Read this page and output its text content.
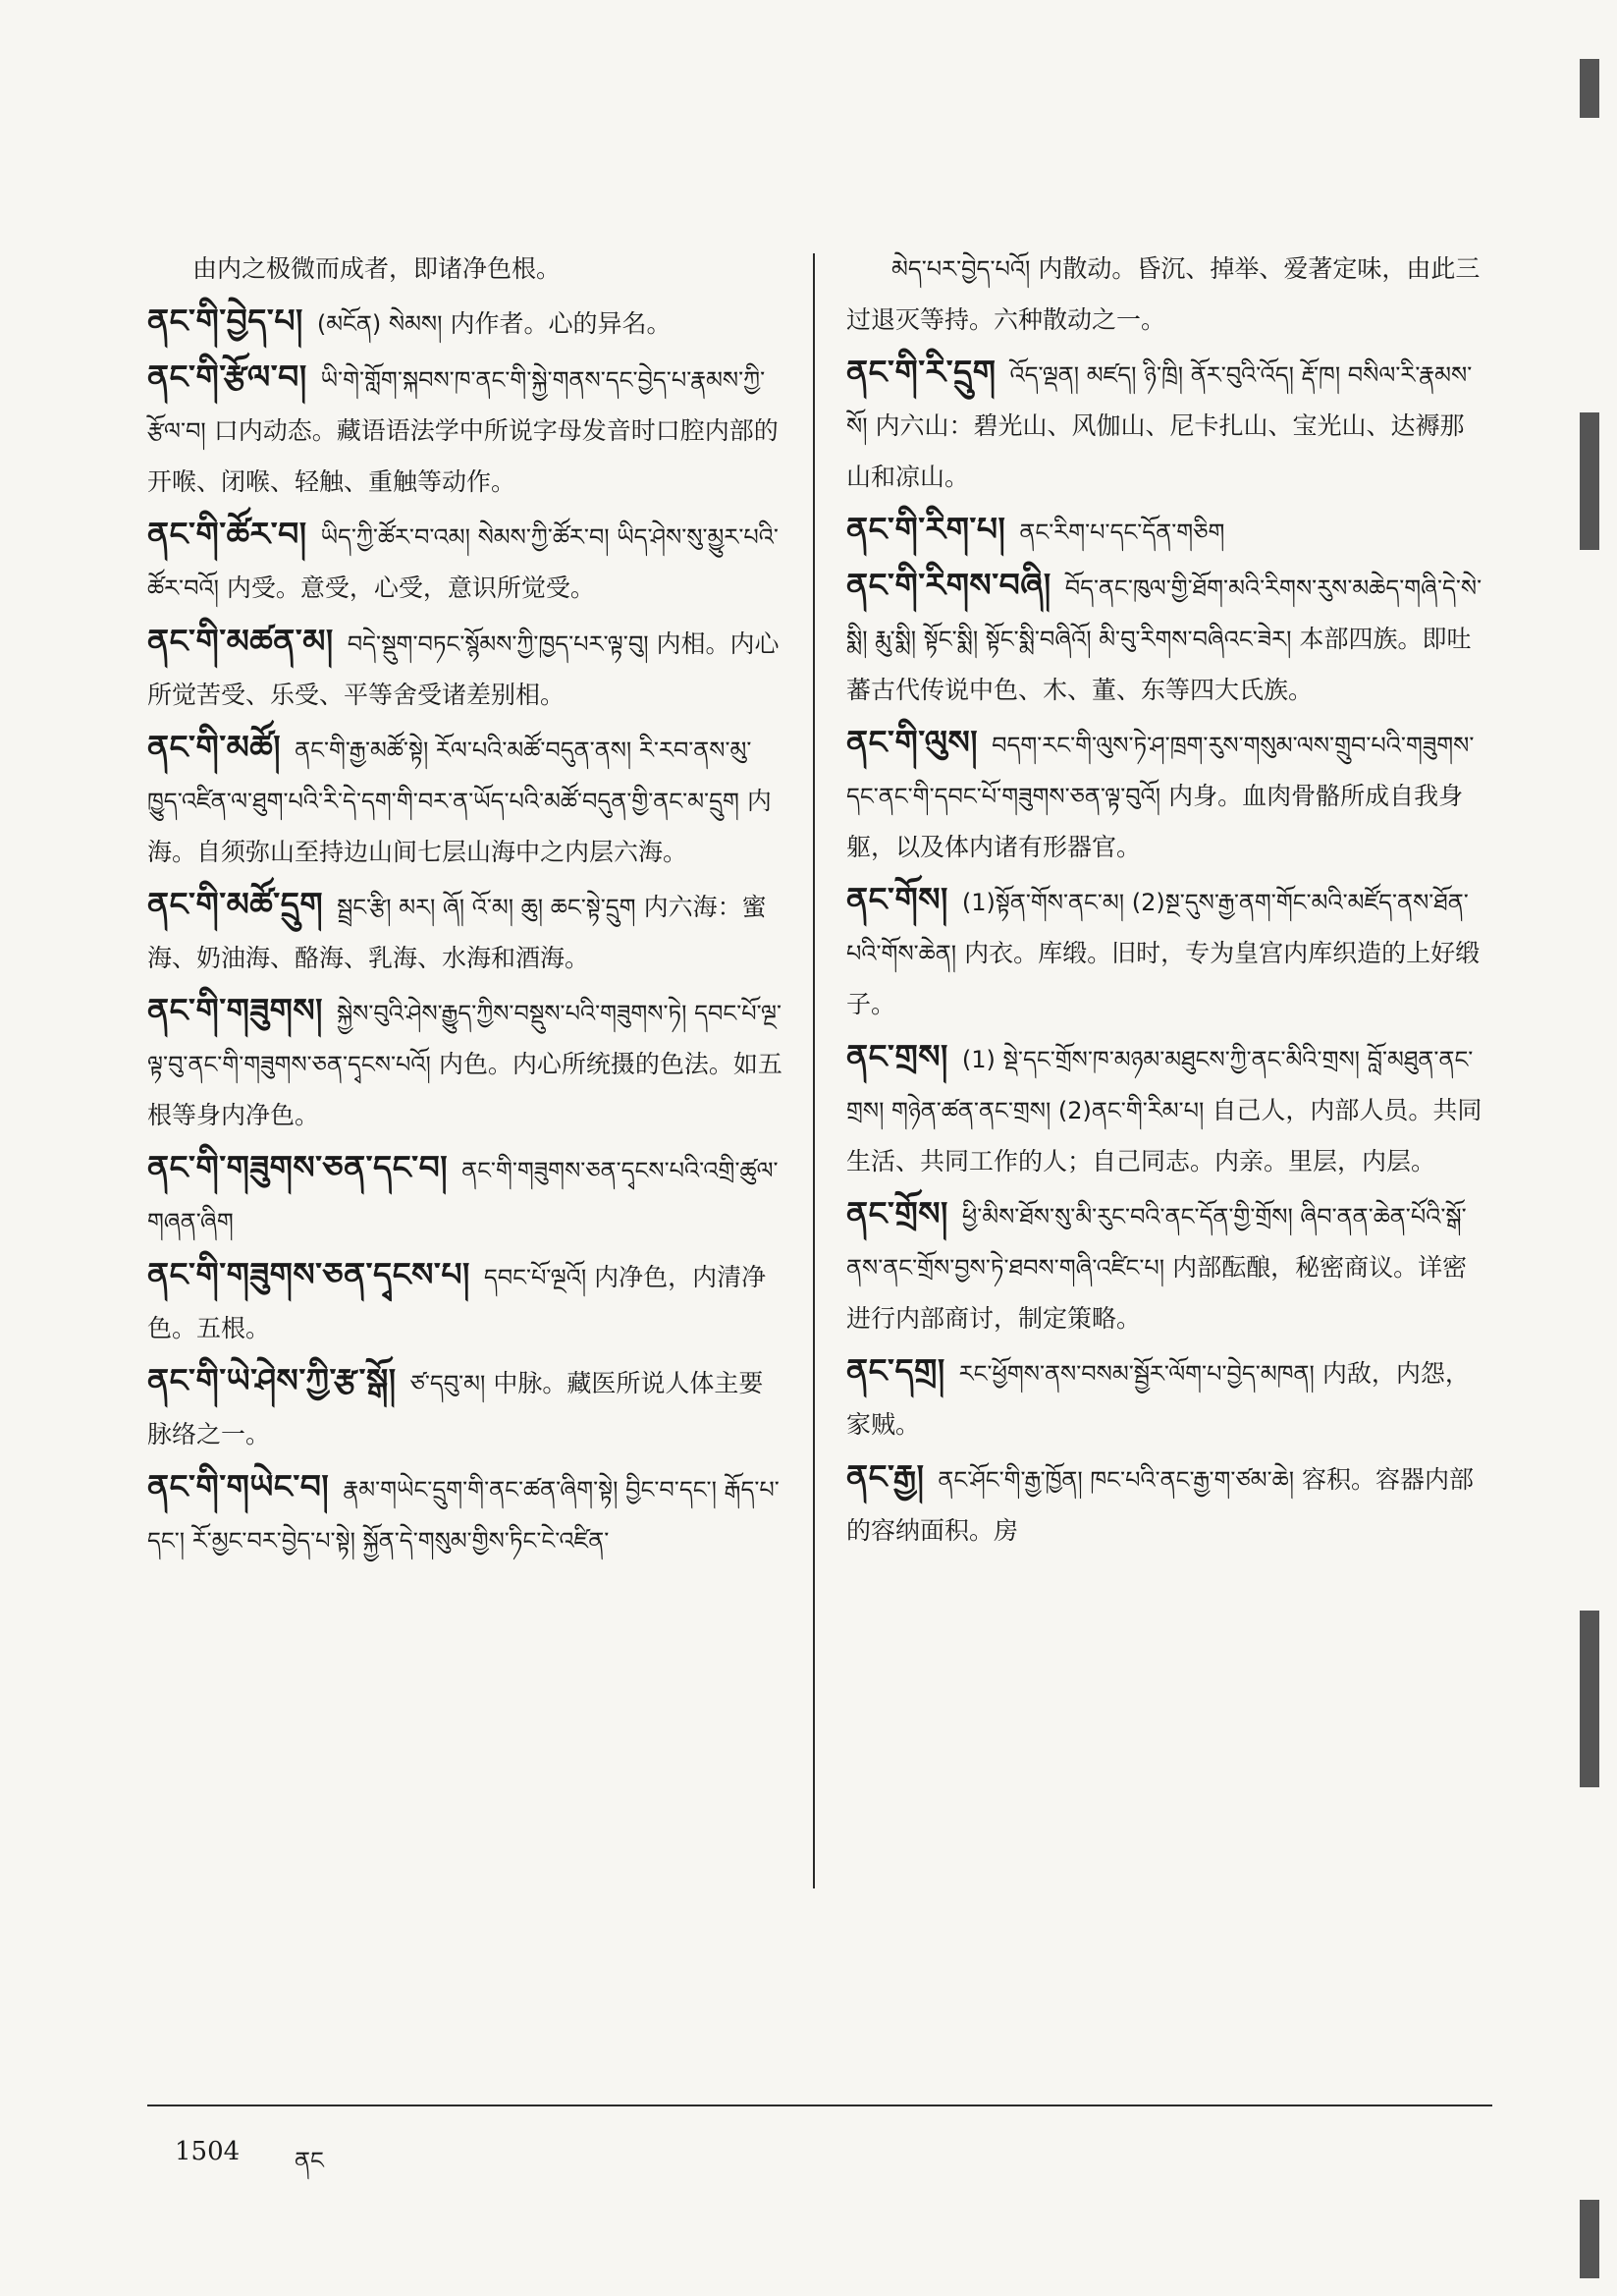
由内之极微而成者，即诸净色根。
ནང་གི་བྱེད་པ། (མངོན) སེམས། 内作者。心的异名。
ནང་གི་རྩོལ་བ། ཡི་གེ་གློག་སྐབས་ཁ་ནང་གི་སྐྱེ་གནས་དང་བྱེད་པ་རྣམས་ཀྱི་རྩོལ་བ། 口内动态。藏语语法学中所说字母发音时口腔内部的开喉、闭喉、轻触、重触等动作。
ནང་གི་ཚོར་བ། ཡིད་ཀྱི་ཚོར་བ་འམ། སེམས་ཀྱི་ཚོར་བ། ཡིད་ཤེས་སུ་མྱུར་པའི་ཚོར་བའོ། 内受。意受，心受，意识所觉受。
ནང་གི་མཚན་མ། བདེ་སྡུག་བཏང་སྙོམས་ཀྱི་ཁྱད་པར་ལྟ་བུ། 内相。内心所觉苦受、乐受、平等舍受诸差别相。
ནང་གི་མཚོ། ནང་གི་རྒྱ་མཚོ་སྟེ། རོལ་པའི་མཚོ་བདུན་ནས། རི་རབ་ནས་མུ་ཁྱུད་འཛིན་ལ་ཐུག་པའི་རི་དེ་དག་གི་བར་ན་ཡོད་པའི་མཚོ་བདུན་གྱི་ནང་མ་དྲུག 内海。自须弥山至持边山间七层山海中之内层六海。
ནང་གི་མཚོ་དྲུག སྦྲང་རྩི། མར། ཞོ། འོ་མ། ཆུ། ཆང་སྟེ་དྲུག 内六海：蜜海、奶油海、酪海、乳海、水海和酒海。
ནང་གི་གཟུགས། སྐྱེས་བུའི་ཤེས་རྒྱུད་ཀྱིས་བསྡུས་པའི་གཟུགས་ཏེ། དབང་པོ་ལྔ་ལྟ་བུ་ནང་གི་གཟུགས་ཅན་དྭངས་པའོ། 内色。内心所统摄的色法。如五根等身内净色。
ནང་གི་གཟུགས་ཅན་དང་བ། ནང་གི་གཟུགས་ཅན་དྭངས་པའི་འགྲི་ཚུལ་གཞན་ཞིག
ནང་གི་གཟུགས་ཅན་དྭངས་པ། དབང་པོ་ལྔའོ། 内净色，内清净色。五根。
ནང་གི་ཡེ་ཤེས་ཀྱི་རྩ་སྒོ། ཙ་དབུ་མ། 中脉。藏医所说人体主要脉络之一。
ནང་གི་གཡེང་བ། རྣམ་གཡེང་དྲུག་གི་ནང་ཚན་ཞིག་སྟེ། བྱིང་བ་དང་། རྒོད་པ་དང་། རོ་མྱང་བར་བྱེད་པ་སྟེ། སྐྱོན་དེ་གསུམ་གྱིས་ཏིང་ངེ་འཛིན་
མེད་པར་བྱེད་པའོ། 内散动。昏沉、掉举、爱著定味，由此三过退灭等持。六种散动之一。
ནང་གི་རི་དྲུག འོད་ལྡན། མཛད། ཉི་ཁྲི། ནོར་བུའི་འོད། རྡོ་ཁ། བསིལ་རི་རྣམས་སོ། 内六山：碧光山、风伽山、尼卡扎山、宝光山、达褥那山和凉山。
ནང་གི་རིག་པ། ནང་རིག་པ་དང་དོན་གཅིག
ནང་གི་རིགས་བཞི། བོད་ནང་ཁུལ་གྱི་ཐོག་མའི་རིགས་རུས་མཆེད་གཞི་དེ་སེ་སྨི། རྨུ་སྨི། སྟོང་སྨི། སྟོང་སྨི་བཞིའོ། མི་བུ་རིགས་བཞིའང་ཟེར། 本部四族。即吐蕃古代传说中色、木、董、东等四大氏族。
ནང་གི་ལུས། བདག་རང་གི་ལུས་ཏེ་ཤ་ཁྲག་རུས་གསུམ་ལས་གྲུབ་པའི་གཟུགས་དང་ནང་གི་དབང་པོ་གཟུགས་ཅན་ལྟ་བུའོ། 内身。血肉骨骼所成自我身躯，以及体内诸有形器官。
ནང་གོས། (1)སྟོན་གོས་ནང་མ། (2)སྔ་དུས་རྒྱ་ནག་གོང་མའི་མཛོད་ནས་ཐོན་པའི་གོས་ཆེན། 内衣。库缎。旧时，专为皇宫内库织造的上好缎子。
ནང་གྲས། (1) སྡེ་དང་གྲོས་ཁ་མཉམ་མཐུངས་ཀྱི་ནང་མིའི་གྲས། བློ་མཐུན་ནང་གྲས། གཉེན་ཚན་ནང་གྲས། (2)ནང་གི་རིམ་པ། 自己人，内部人员。共同生活、共同工作的人；自己同志。内亲。里层，内层。
ནང་གྲོས། ཕྱི་མིས་ཐོས་སུ་མི་རུང་བའི་ནང་དོན་གྱི་གྲོས། ཞིབ་ནན་ཆེན་པོའི་སྒོ་ནས་ནང་གྲོས་བྱས་ཏེ་ཐབས་གཞི་འཛིང་པ། 内部酝酿，秘密商议。详密进行内部商讨，制定策略。
ནང་དགྲ། རང་ཕྱོགས་ནས་བསམ་སྦྱོར་ལོག་པ་བྱེད་མཁན། 内敌，内怨，家贼。
ནང་རྒྱ། ནང་ཤོང་གི་རྒྱ་ཁྱོན། ཁང་པའི་ནང་རྒྱ་ག་ཙམ་ཆེ། 容积。容器内部的容纳面积。房
1504 ནང
